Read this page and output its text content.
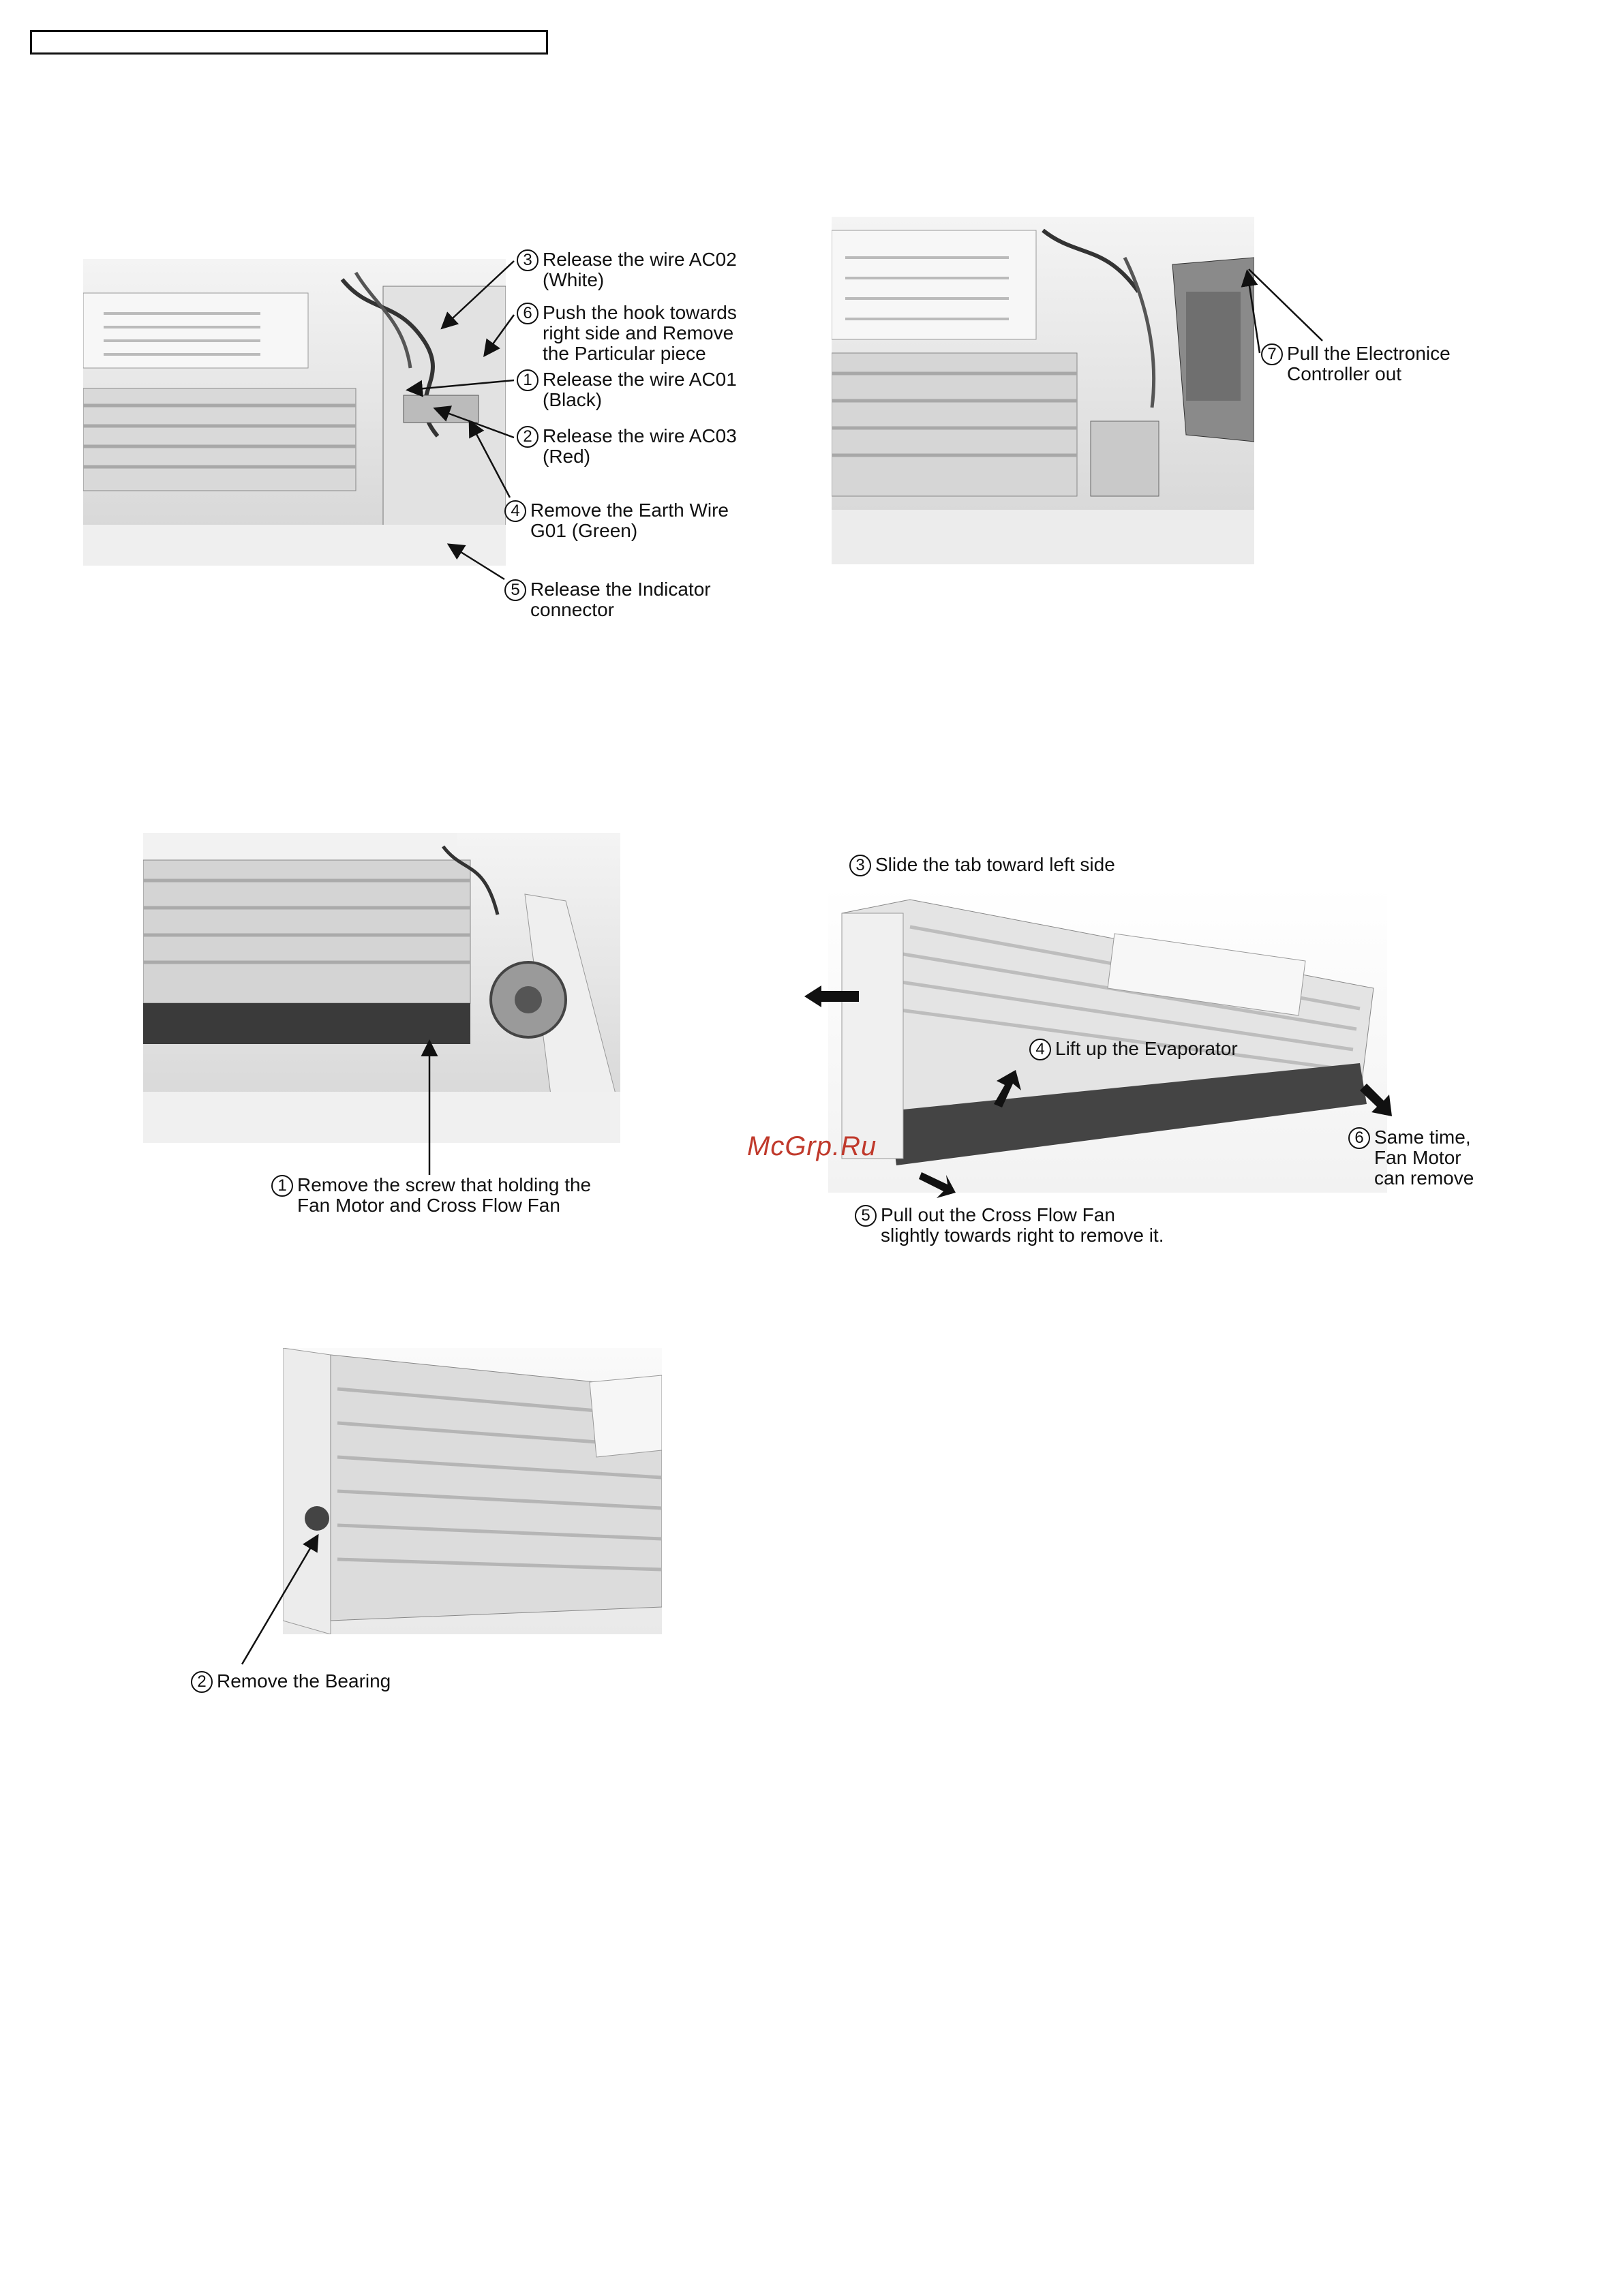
3 Release the wire AC02
(White)
6 Push the hook towards
right side and Remove
the Particular piece
1 Release the wire AC01
(Black)
2 Release the wire AC03
(Red)
4 Remove the Earth Wire
G01 (Green)
5 Release the Indicator
connector
7 Pull the Electronice
Controller out
1 Remove the screw that holding the
Fan Motor and Cross Flow Fan
3 Slide the tab toward left side
4 Lift up the Evaporator
6 Same time,
Fan Motor
can remove
5 Pull out the Cross Flow Fan
slightly towards right to remove it.
2 Remove the Bearing
McGrp.Ru
